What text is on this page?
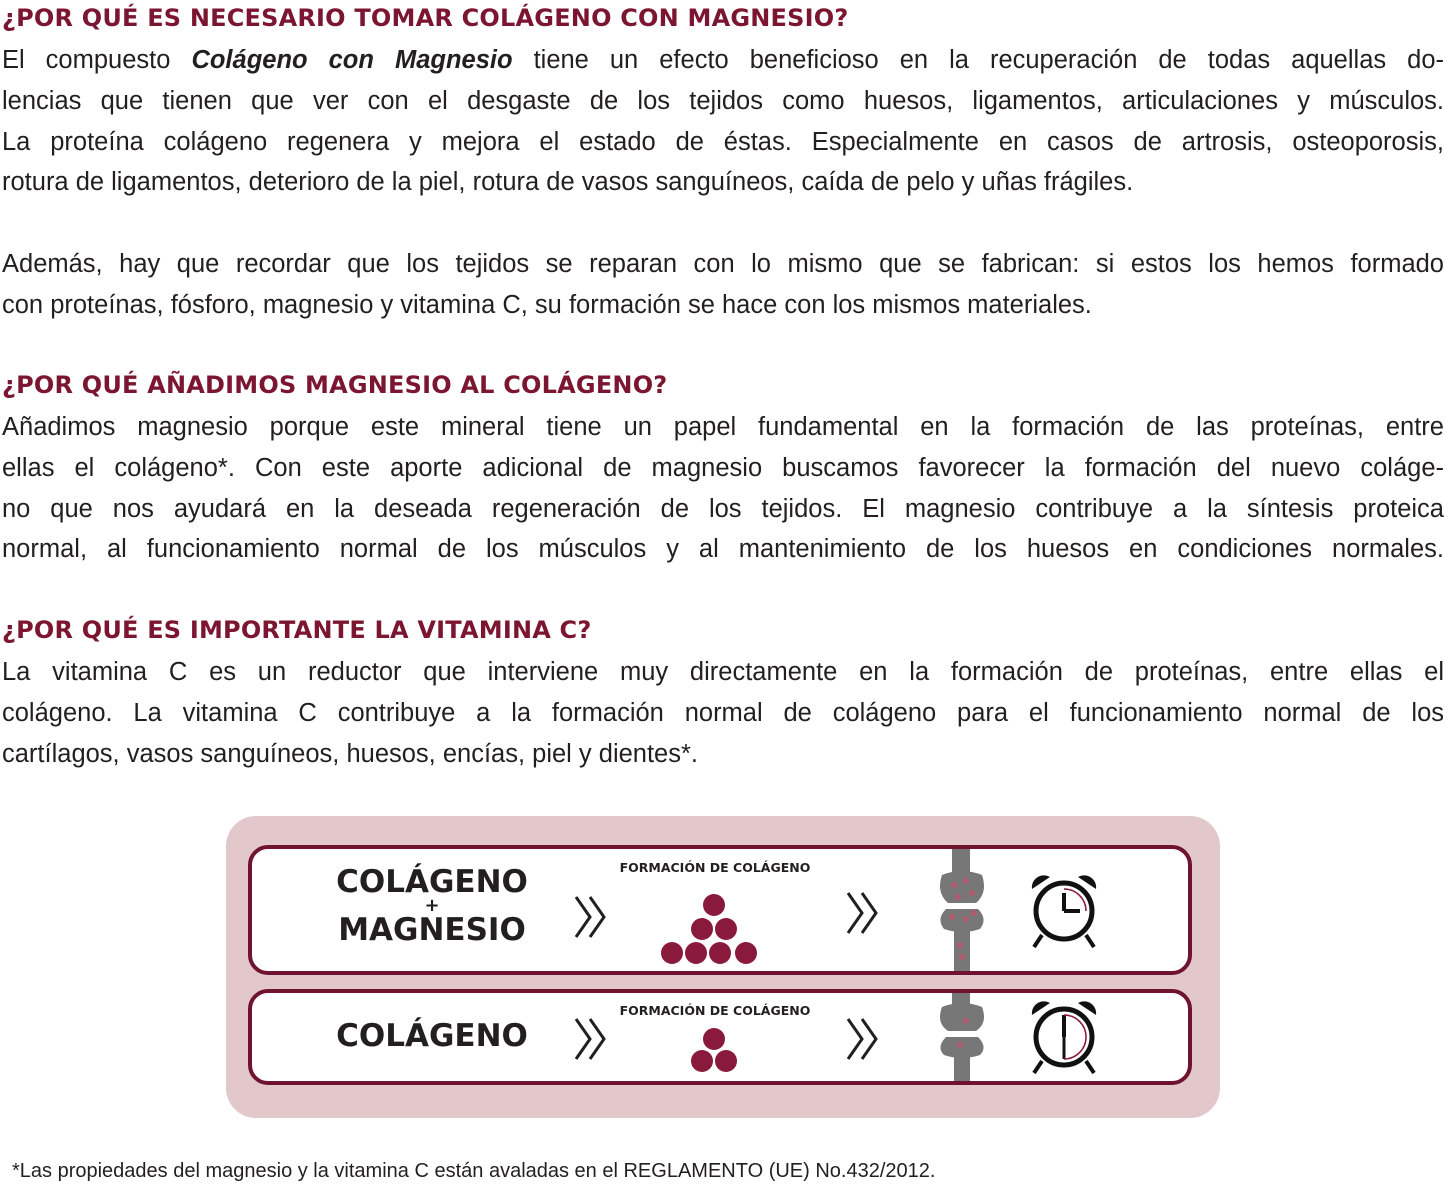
¿POR QUÉ ES NECESARIO TOMAR COLÁGENO CON MAGNESIO?

El compuesto Colágeno con Magnesio tiene un efecto beneficioso en la recuperación de todas aquellas do-
lencias que tienen que ver con el desgaste de los tejidos como huesos, ligamentos, articulaciones y músculos.
La proteína colágeno regenera y mejora el estado de éstas. Especialmente en casos de artrosis, osteoporosis,
rotura de ligamentos, deterioro de la piel, rotura de vasos sanguíneos, caída de pelo y uñas frágiles.

Además, hay que recordar que los tejidos se reparan con lo mismo que se fabrican: si estos los hemos formado
con proteínas, fósforo, magnesio y vitamina C, su formación se hace con los mismos materiales.

¿POR QUÉ AÑADIMOS MAGNESIO AL COLÁGENO?

Añadimos magnesio porque este mineral tiene un papel fundamental en la formación de las proteínas, entre
ellas el colágeno*. Con este aporte adicional de magnesio buscamos favorecer la formación del nuevo coláge-
no que nos ayudará en la deseada regeneración de los tejidos. El magnesio contribuye a la síntesis proteica
normal, al funcionamiento normal de los músculos y al mantenimiento de los huesos en condiciones normales.

¿POR QUÉ ES IMPORTANTE LA VITAMINA C?

La vitamina C es un reductor que interviene muy directamente en la formación de proteínas, entre ellas el
colágeno. La vitamina C contribuye a la formación normal de colágeno para el funcionamiento normal de los
cartílagos, vasos sanguíneos, huesos, encías, piel y dientes*.

COLÁGENO
+
MAGNESIO
FORMACIÓN DE COLÁGENO
COLÁGENO
FORMACIÓN DE COLÁGENO

*Las propiedades del magnesio y la vitamina C están avaladas en el REGLAMENTO (UE) No.432/2012.
